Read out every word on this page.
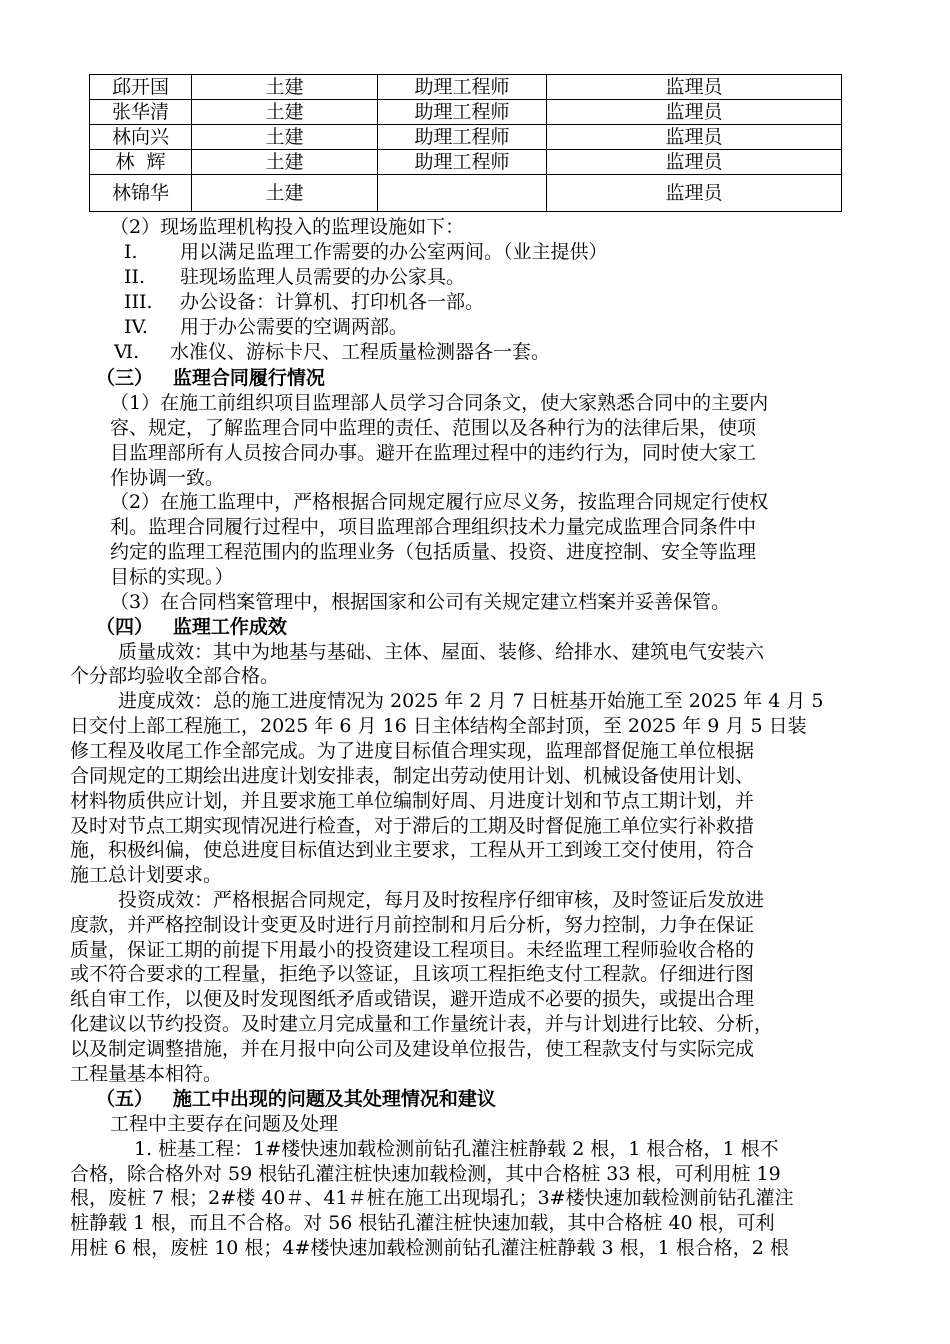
邱开国	土建	助理工程师	监理员
张华清	土建	助理工程师	监理员
林向兴	土建	助理工程师	监理员
林  辉	土建	助理工程师	监理员
林锦华	土建		监理员
（2）现场监理机构投入的监理设施如下：
I. 用以满足监理工作需要的办公室两间。（业主提供）
II. 驻现场监理人员需要的办公家具。
III. 办公设备：计算机、打印机各一部。
IV. 用于办公需要的空调两部。
Ⅵ. 水准仪、游标卡尺、工程质量检测器各一套。
（三）   监理合同履行情况
（1）在施工前组织项目监理部人员学习合同条文，使大家熟悉合同中的主要内
容、规定，了解监理合同中监理的责任、范围以及各种行为的法律后果，使项
目监理部所有人员按合同办事。避开在监理过程中的违约行为，同时使大家工
作协调一致。
（2）在施工监理中，严格根据合同规定履行应尽义务，按监理合同规定行使权
利。监理合同履行过程中，项目监理部合理组织技术力量完成监理合同条件中
约定的监理工程范围内的监理业务（包括质量、投资、进度控制、安全等监理
目标的实现。）
（3）在合同档案管理中，根据国家和公司有关规定建立档案并妥善保管。
（四）   监理工作成效
质量成效：其中为地基与基础、主体、屋面、装修、给排水、建筑电气安装六
个分部均验收全部合格。
进度成效：总的施工进度情况为 2025 年 2 月 7 日桩基开始施工至 2025 年 4 月 5
日交付上部工程施工，2025 年 6 月 16 日主体结构全部封顶，至 2025 年 9 月 5 日装
修工程及收尾工作全部完成。为了进度目标值合理实现，监理部督促施工单位根据
合同规定的工期绘出进度计划安排表，制定出劳动使用计划、机械设备使用计划、
材料物质供应计划，并且要求施工单位编制好周、月进度计划和节点工期计划，并
及时对节点工期实现情况进行检查，对于滞后的工期及时督促施工单位实行补救措
施，积极纠偏，使总进度目标值达到业主要求，工程从开工到竣工交付使用，符合
施工总计划要求。
投资成效：严格根据合同规定，每月及时按程序仔细审核，及时签证后发放进
度款，并严格控制设计变更及时进行月前控制和月后分析，努力控制，力争在保证
质量，保证工期的前提下用最小的投资建设工程项目。未经监理工程师验收合格的
或不符合要求的工程量，拒绝予以签证，且该项工程拒绝支付工程款。仔细进行图
纸自审工作，以便及时发现图纸矛盾或错误，避开造成不必要的损失，或提出合理
化建议以节约投资。及时建立月完成量和工作量统计表，并与计划进行比较、分析，
以及制定调整措施，并在月报中向公司及建设单位报告，使工程款支付与实际完成
工程量基本相符。
（五）   施工中出现的问题及其处理情况和建议
工程中主要存在问题及处理
1. 桩基工程：1#楼快速加载检测前钻孔灌注桩静载 2 根，1 根合格，1 根不
合格，除合格外对 59 根钻孔灌注桩快速加载检测，其中合格桩 33 根，可利用桩 19
根，废桩 7 根；2#楼 40＃、41＃桩在施工出现塌孔；3#楼快速加载检测前钻孔灌注
桩静载 1 根，而且不合格。对 56 根钻孔灌注桩快速加载，其中合格桩 40 根，可利
用桩 6 根，废桩 10 根；4#楼快速加载检测前钻孔灌注桩静载 3 根，1 根合格，2 根
